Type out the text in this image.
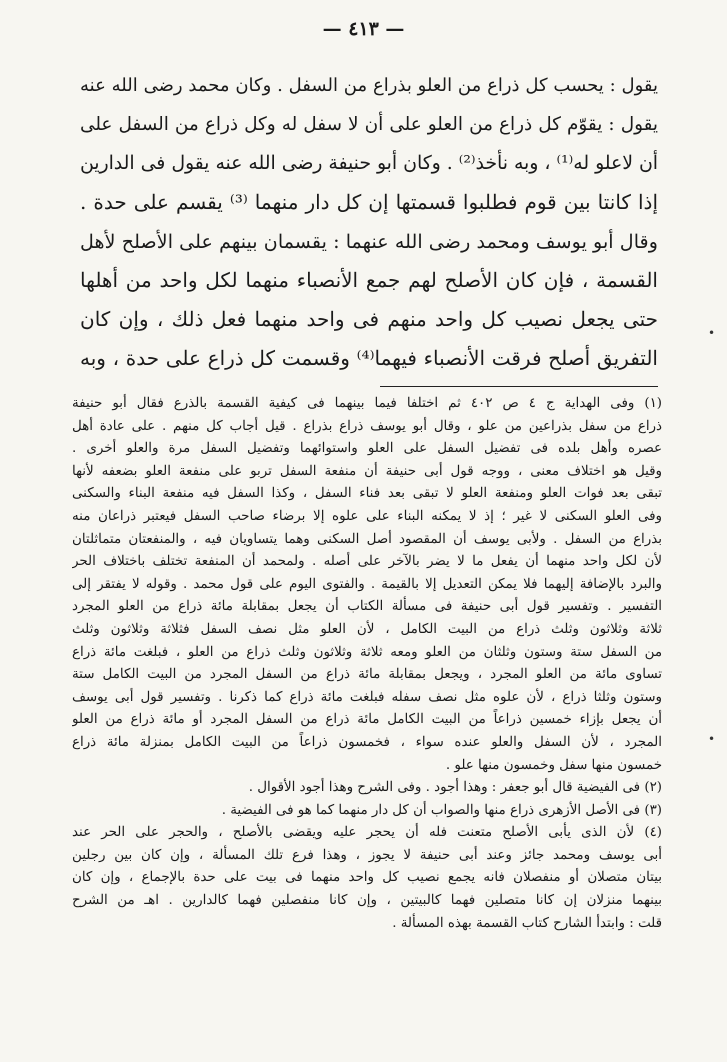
— ٤١٣ —
يقول : يحسب كل ذراع من العلو بذراع من السفل . وكان محمد رضى الله عنه
يقول : يقوّم كل ذراع من العلو على أن لا سفل له وكل ذراع من السفل على
أن لاعلو له⁽¹⁾ ، وبه نأخذ⁽²⁾ . وكان أبو حنيفة رضى الله عنه يقول فى الدارين
إذا كانتا بين قوم فطلبوا قسمتها إن كل دار منهما ⁽³⁾ يقسم على حدة .
وقال أبو يوسف ومحمد رضى الله عنهما : يقسمان بينهم على الأصلح لأهل
القسمة ، فإن كان الأصلح لهم جمع الأنصباء منهما لكل واحد من أهلها
حتى يجعل نصيب كل واحد منهم فى واحد منهما فعل ذلك ، وإن كان
التفريق أصلح فرقت الأنصباء فيهما⁽⁴⁾ وقسمت كل ذراع على حدة ، وبه
(١) وفى الهداية ج ٤ ص ٤٠٢ ثم اختلفا فيما بينهما فى كيفية القسمة بالذرع فقال أبو حنيفة
ذراع من سفل بذراعين من علو ، وقال أبو يوسف ذراع بذراع . قيل أجاب كل منهم . على عادة أهل
عصره وأهل بلده فى تفضيل السفل على العلو واستوائهما وتفضيل السفل مرة والعلو أخرى .
وقيل هو اختلاف معنى ، ووجه قول أبى حنيفة أن منفعة السفل تربو على منفعة العلو بضعفه لأنها
تبقى بعد فوات العلو ومنفعة العلو لا تبقى بعد فناء السفل ، وكذا السفل فيه منفعة البناء والسكنى
وفى العلو السكنى لا غير ؛ إذ لا يمكنه البناء على علوه إلا برضاء صاحب السفل فيعتبر ذراعان منه
بذراع من السفل . ولأبى يوسف أن المقصود أصل السكنى وهما يتساويان فيه ، والمنفعتان متماثلتان
لأن لكل واحد منهما أن يفعل ما لا يضر بالآخر على أصله . ولمحمد أن المنفعة تختلف باختلاف الحر
والبرد بالإضافة إليهما فلا يمكن التعديل إلا بالقيمة . والفتوى اليوم على قول محمد . وقوله لا يفتقر إلى
التفسير . وتفسير قول أبى حنيفة فى مسألة الكتاب أن يجعل بمقابلة مائة ذراع من العلو المجرد
ثلاثة وثلاثون وثلث ذراع من البيت الكامل ، لأن العلو مثل نصف السفل فثلاثة وثلاثون وثلث
من السفل ستة وستون وثلثان من العلو ومعه ثلاثة وثلاثون وثلث ذراع من العلو ، فبلغت مائة ذراع
تساوى مائة من العلو المجرد ، ويجعل بمقابلة مائة ذراع من السفل المجرد من البيت الكامل ستة
وستون وثلثا ذراع ، لأن علوه مثل نصف سفله فبلغت مائة ذراع كما ذكرنا . وتفسير قول أبى يوسف
أن يجعل بإزاء خمسين ذراعاً من البيت الكامل مائة ذراع من السفل المجرد أو مائة ذراع من العلو
المجرد ، لأن السفل والعلو عنده سواء ، فخمسون ذراعاً من البيت الكامل بمنزلة مائة ذراع
خمسون منها سفل وخمسون منها علو .
(٢) فى الفيضية قال أبو جعفر : وهذا أجود . وفى الشرح وهذا أجود الأقوال .
(٣) فى الأصل الأزهرى ذراع منها والصواب أن كل دار منهما كما هو فى الفيضية .
(٤) لأن الذى يأبى الأصلح متعنت فله أن يحجر عليه ويقضى بالأصلح ، والحجر على الحر عند
أبى يوسف ومحمد جائز وعند أبى حنيفة لا يجوز ، وهذا فرع تلك المسألة ، وإن كان بين رجلين
بيتان متصلان أو منفصلان فانه يجمع نصيب كل واحد منهما فى بيت على حدة بالإجماع ، وإن كان
بينهما منزلان إن كانا متصلين فهما كالبيتين ، وإن كانا منفصلين فهما كالدارين . اهـ من الشرح
قلت : وابتدأ الشارح كتاب القسمة بهذه المسألة .
•
•
